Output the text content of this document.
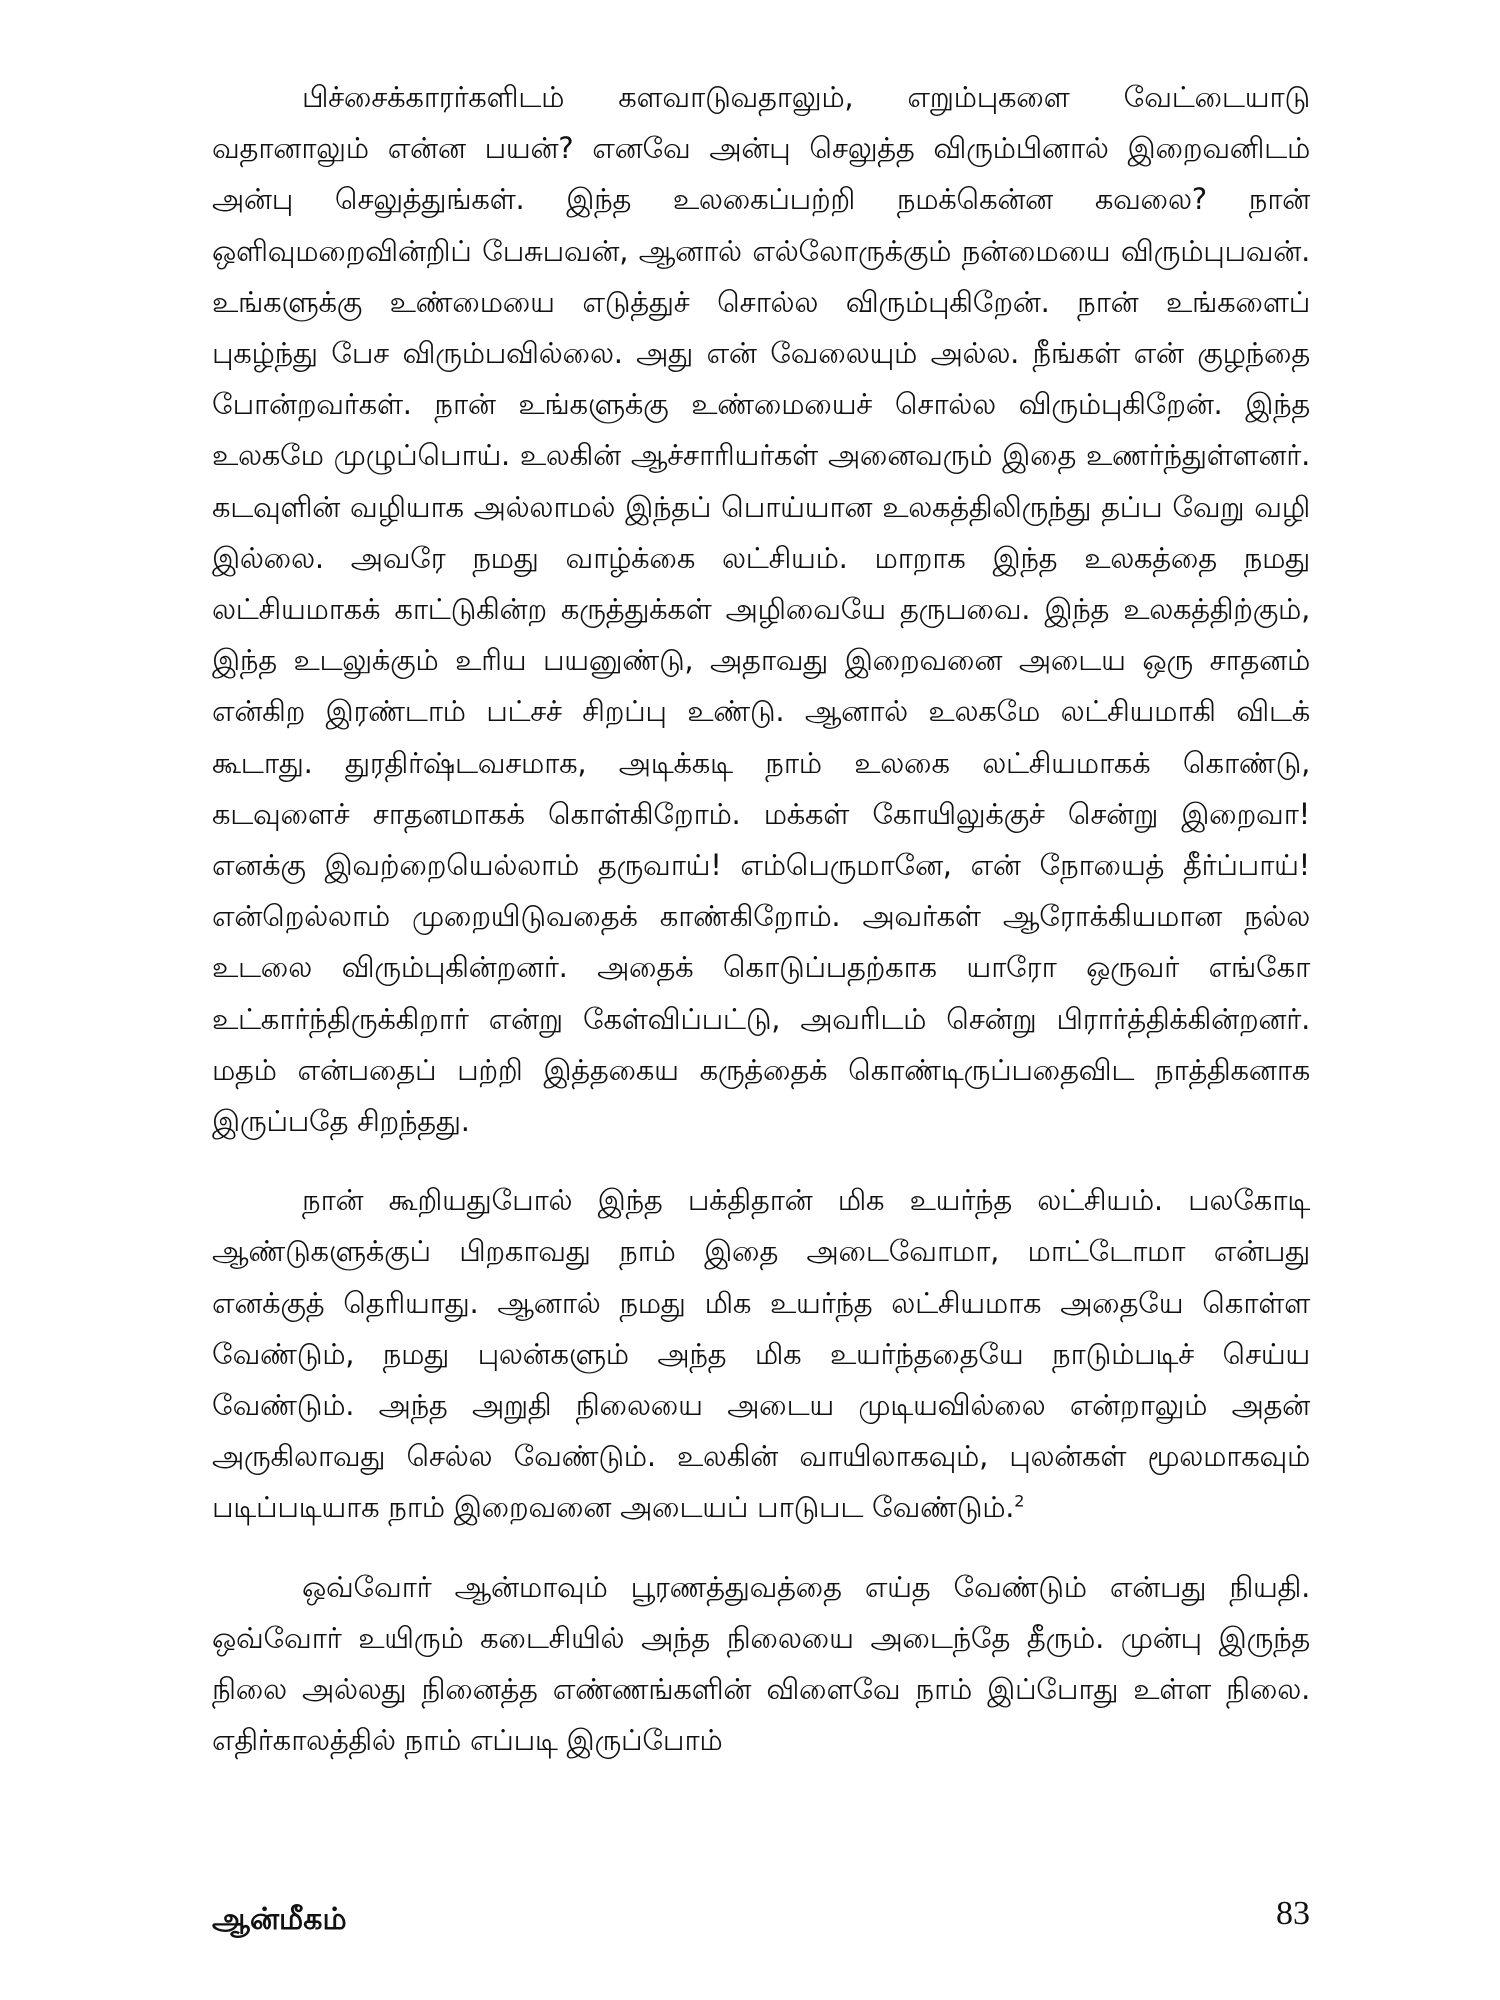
பிச்சைக்காரர்களிடம் களவாடுவதாலும், எறும்புகளை வேட்டையாடு வதானாலும் என்ன பயன்? எனவே அன்பு செலுத்த விரும்பினால் இறைவனிடம் அன்பு செலுத்துங்கள். இந்த உலகைப்பற்றி நமக்கென்ன கவலை? நான் ஒளிவுமறைவின்றிப் பேசுபவன், ஆனால் எல்லோருக்கும் நன்மையை விரும்புபவன். உங்களுக்கு உண்மையை எடுத்துச் சொல்ல விரும்புகிறேன். நான் உங்களைப் புகழ்ந்து பேச விரும்பவில்லை. அது என் வேலையும் அல்ல. நீங்கள் என் குழந்தை போன்றவர்கள். நான் உங்களுக்கு உண்மையைச் சொல்ல விரும்புகிறேன். இந்த உலகமே முழுப்பொய். உலகின் ஆச்சாரியர்கள் அனைவரும் இதை உணர்ந்துள்ளனர். கடவுளின் வழியாக அல்லாமல் இந்தப் பொய்யான உலகத்திலிருந்து தப்ப வேறு வழி இல்லை. அவரே நமது வாழ்க்கை லட்சியம். மாறாக இந்த உலகத்தை நமது லட்சியமாகக் காட்டுகின்ற கருத்துக்கள் அழிவையே தருபவை. இந்த உலகத்திற்கும், இந்த உடலுக்கும் உரிய பயனுண்டு, அதாவது இறைவனை அடைய ஒரு சாதனம் என்கிற இரண்டாம் பட்சச் சிறப்பு உண்டு. ஆனால் உலகமே லட்சியமாகி விடக் கூடாது. துரதிர்ஷ்டவசமாக, அடிக்கடி நாம் உலகை லட்சியமாகக் கொண்டு, கடவுளைச் சாதனமாகக் கொள்கிறோம். மக்கள் கோயிலுக்குச் சென்று இறைவா! எனக்கு இவற்றையெல்லாம் தருவாய்! எம்பெருமானே, என் நோயைத் தீர்ப்பாய்! என்றெல்லாம் முறையிடுவதைக் காண்கிறோம். அவர்கள் ஆரோக்கியமான நல்ல உடலை விரும்புகின்றனர். அதைக் கொடுப்பதற்காக யாரோ ஒருவர் எங்கோ உட்கார்ந்திருக்கிறார் என்று கேள்விப்பட்டு, அவரிடம் சென்று பிரார்த்திக்கின்றனர். மதம் என்பதைப் பற்றி இத்தகைய கருத்தைக் கொண்டிருப்பதைவிட நாத்திகனாக இருப்பதே சிறந்தது.

நான் கூறியதுபோல் இந்த பக்திதான் மிக உயர்ந்த லட்சியம். பலகோடி ஆண்டுகளுக்குப் பிறகாவது நாம் இதை அடைவோமா, மாட்டோமா என்பது எனக்குத் தெரியாது. ஆனால் நமது மிக உயர்ந்த லட்சியமாக அதையே கொள்ள வேண்டும், நமது புலன்களும் அந்த மிக உயர்ந்ததையே நாடும்படிச் செய்ய வேண்டும். அந்த அறுதி நிலையை அடைய முடியவில்லை என்றாலும் அதன் அருகிலாவது செல்ல வேண்டும். உலகின் வாயிலாகவும், புலன்கள் மூலமாகவும் படிப்படியாக நாம் இறைவனை அடையப் பாடுபட வேண்டும்.$^2$

ஒவ்வோர் ஆன்மாவும் பூரணத்துவத்தை எய்த வேண்டும் என்பது நியதி. ஒவ்வோர் உயிரும் கடைசியில் அந்த நிலையை அடைந்தே தீரும். முன்பு இருந்த நிலை அல்லது நினைத்த எண்ணங்களின் விளைவே நாம் இப்போது உள்ள நிலை. எதிர்காலத்தில் நாம் எப்படி இருப்போம்

ஆன்மீகம்	83
